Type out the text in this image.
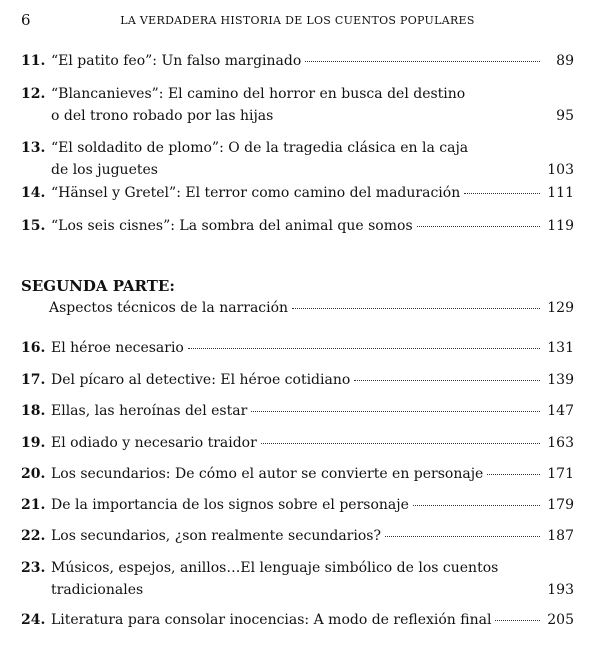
6	LA VERDADERA HISTORIA DE LOS CUENTOS POPULARES
SEGUNDA PARTE:
Aspectos técnicos de la narración	129
11. “El patito feo”: Un falso marginado	89
12. “Blancanieves”: El camino del horror en busca del destino
o del trono robado por las hijas	95
13. “El soldadito de plomo”: O de la tragedia clásica en la caja
de los juguetes	103
14. “Hänsel y Gretel”: El terror como camino del maduración	111
15. “Los seis cisnes”: La sombra del animal que somos	119
16. El héroe necesario	131
17. Del pícaro al detective: El héroe cotidiano	139
18. Ellas, las heroínas del estar	147
19. El odiado y necesario traidor	163
20. Los secundarios: De cómo el autor se convierte en personaje	171
21. De la importancia de los signos sobre el personaje	179
22. Los secundarios, ¿son realmente secundarios?	187
23. Músicos, espejos, anillos…El lenguaje simbólico de los cuentos
tradicionales	193
24. Literatura para consolar inocencias: A modo de reflexión final	205
